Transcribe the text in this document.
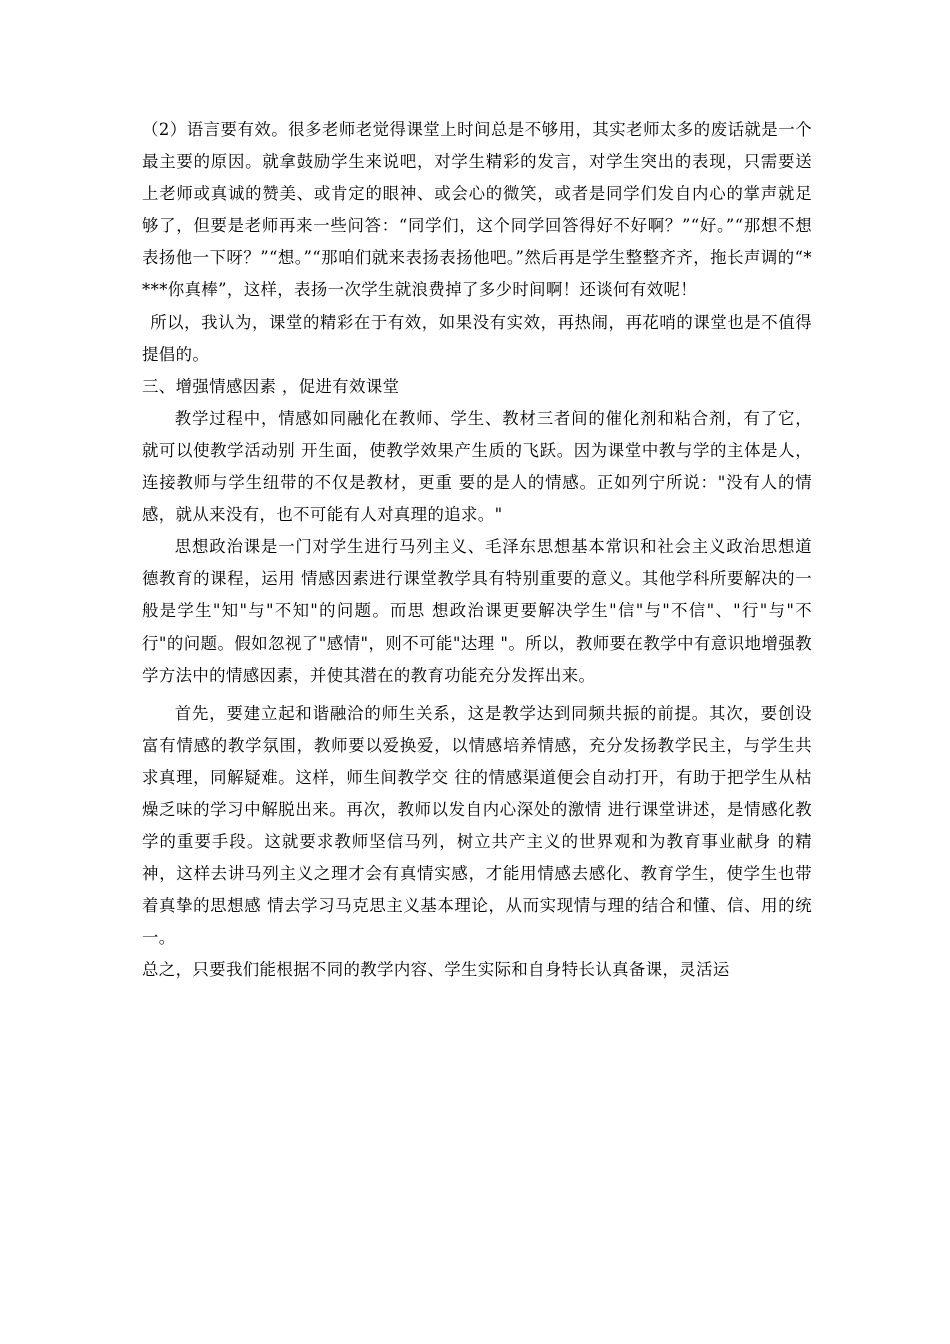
（2）语言要有效。很多老师老觉得课堂上时间总是不够用，其实老师太多的废话就是一个最主要的原因。就拿鼓励学生来说吧，对学生精彩的发言，对学生突出的表现，只需要送上老师或真诚的赞美、或肯定的眼神、或会心的微笑，或者是同学们发自内心的掌声就足够了，但要是老师再来一些问答：“同学们，这个同学回答得好不好啊？”“好。”“那想不想表扬他一下呀？”“想。”“那咱们就来表扬表扬他吧。”然后再是学生整整齐齐，拖长声调的“****你真棒”，这样，表扬一次学生就浪费掉了多少时间啊！还谈何有效呢！

所以，我认为，课堂的精彩在于有效，如果没有实效，再热闹，再花哨的课堂也是不值得提倡的。

三、增强情感因素 ，促进有效课堂

教学过程中，情感如同融化在教师、学生、教材三者间的催化剂和粘合剂，有了它，就可以使教学活动别 开生面，使教学效果产生质的飞跃。因为课堂中教与学的主体是人，连接教师与学生纽带的不仅是教材，更重 要的是人的情感。正如列宁所说："没有人的情感，就从来没有，也不可能有人对真理的追求。"

思想政治课是一门对学生进行马列主义、毛泽东思想基本常识和社会主义政治思想道德教育的课程，运用 情感因素进行课堂教学具有特别重要的意义。其他学科所要解决的一般是学生"知"与"不知"的问题。而思 想政治课更要解决学生"信"与"不信"、"行"与"不行"的问题。假如忽视了"感情"，则不可能"达理 "。所以，教师要在教学中有意识地增强教学方法中的情感因素，并使其潜在的教育功能充分发挥出来。

首先，要建立起和谐融洽的师生关系，这是教学达到同频共振的前提。其次，要创设富有情感的教学氛围，教师要以爱换爱，以情感培养情感，充分发扬教学民主，与学生共求真理，同解疑难。这样，师生间教学交 往的情感渠道便会自动打开，有助于把学生从枯燥乏味的学习中解脱出来。再次，教师以发自内心深处的激情 进行课堂讲述，是情感化教学的重要手段。这就要求教师坚信马列，树立共产主义的世界观和为教育事业献身 的精神，这样去讲马列主义之理才会有真情实感，才能用情感去感化、教育学生，使学生也带着真挚的思想感 情去学习马克思主义基本理论，从而实现情与理的结合和懂、信、用的统一。

总之，只要我们能根据不同的教学内容、学生实际和自身特长认真备课，灵活运
